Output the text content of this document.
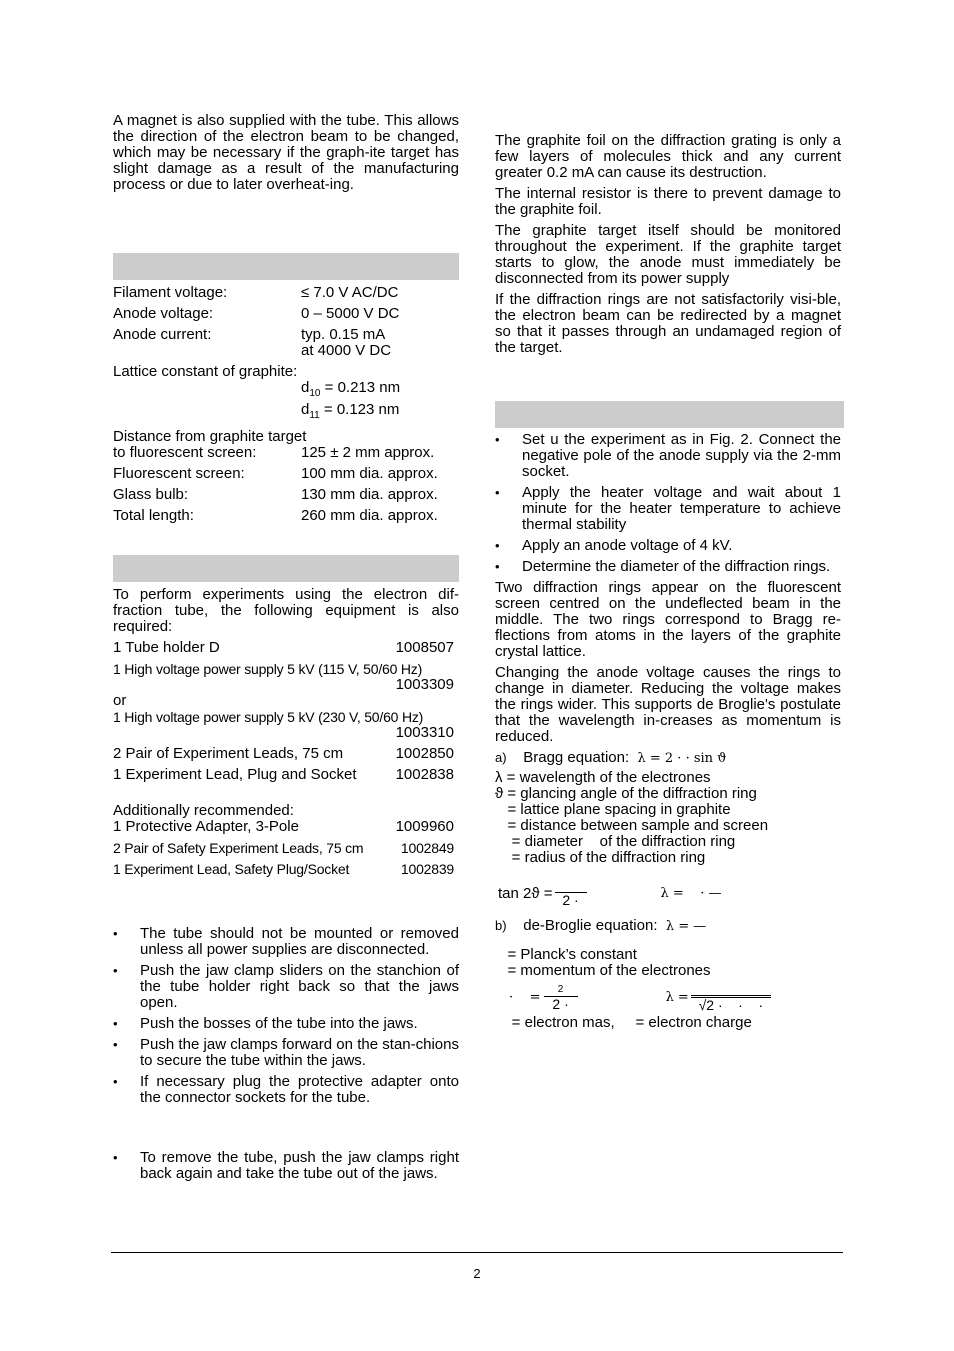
A magnet is also supplied with the tube. This allows the direction of the electron beam to be changed, which may be necessary if the graph-ite target has slight damage as a result of the manufacturing process or due to later overheat-ing.

Filament voltage:	≤ 7.0 V AC/DC
Anode voltage:	0 – 5000 V DC
Anode current:	typ. 0.15 mA
at 4000 V DC
Lattice constant of graphite:
$d_{10} = 0.213$ nm
$d_{11} = 0.123$ nm
Distance from graphite target
to fluorescent screen:	125 ± 2 mm approx.
Fluorescent screen:	100 mm dia. approx.
Glass bulb:	130 mm dia. approx.
Total length:	260 mm dia. approx.

To perform experiments using the electron dif-fraction tube, the following equipment is also required:

1 Tube holder D	1008507
1 High voltage power supply 5 kV (115 V, 50/60 Hz)
1003309
or
1 High voltage power supply 5 kV (230 V, 50/60 Hz)
1003310
2 Pair of Experiment Leads, 75 cm	1002850
1 Experiment Lead, Plug and Socket	1002838
Additionally recommended:
1 Protective Adapter, 3-Pole	1009960
2 Pair of Safety Experiment Leads, 75 cm	1002849
1 Experiment Lead, Safety Plug/Socket	1002839
• The tube should not be mounted or removed unless all power supplies are disconnected.
• Push the jaw clamp sliders on the stanchion of the tube holder right back so that the jaws open.
• Push the bosses of the tube into the jaws.
• Push the jaw clamps forward on the stan-chions to secure the tube within the jaws.
• If necessary plug the protective adapter onto the connector sockets for the tube.
• To remove the tube, push the jaw clamps right back again and take the tube out of the jaws.

The graphite foil on the diffraction grating is only a few layers of molecules thick and any current greater 0.2 mA can cause its destruction.

The internal resistor is there to prevent damage to the graphite foil.

The graphite target itself should be monitored throughout the experiment. If the graphite target starts to glow, the anode must immediately be disconnected from its power supply

If the diffraction rings are not satisfactorily visi-ble, the electron beam can be redirected by a magnet so that it passes through an undamaged region of the target.

• Set u the experiment as in Fig. 2. Connect the negative pole of the anode supply via the 2-mm socket.
• Apply the heater voltage and wait about 1 minute for the heater temperature to achieve thermal stability
• Apply an anode voltage of 4 kV.
• Determine the diameter of the diffraction rings.

Two diffraction rings appear on the fluorescent screen centred on the undeflected beam in the middle. The two rings correspond to Bragg re-flections from atoms in the layers of the graphite crystal lattice.

Changing the anode voltage causes the rings to change in diameter. Reducing the voltage makes the rings wider. This supports de Broglie's postulate that the wavelength in-creases as momentum is reduced.

a) Bragg equation: λ = 2 · · sin ϑ
λ = wavelength of the electrones
ϑ = glancing angle of the diffraction ring
= lattice plane spacing in graphite
= distance between sample and screen
= diameter    of the diffraction ring
= radius of the diffraction ring
tan 2ϑ = 2 ·	λ =    · —
b) de-Broglie equation: λ = —
= Planck’s constant
= momentum of the electrones
·    = $\frac{2}{2 \cdot}$	λ = √2 ·    ·    ·
= electron mas,     = electron charge
2
